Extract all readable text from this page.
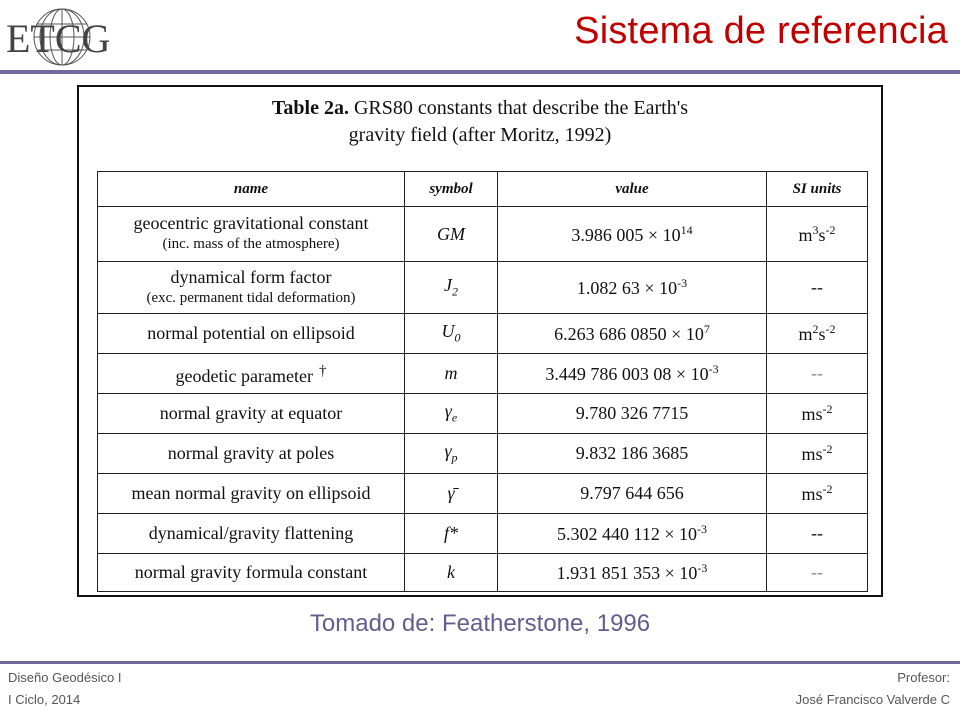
ETCG	Sistema de referencia
Table 2a. GRS80 constants that describe the Earth's
gravity field (after Moritz, 1992)
name	symbol	value	SI units

geocentric gravitational constant
(inc. mass of the atmosphere)	GM	3.986 $005 \times 10^{14}$	$m^3s^{-2}$

dynamical form factor
(exc. permanent tidal deformation)	$J_2$	1.082 $63 \times 10^{-3}$	--
normal potential on ellipsoid	$U_0$	6.263 686 $0850 \times 10^7$	$m^2s^{-2}$
geodetic parameter †	m	3.449 786 003 $08 \times 10^{-3}$	--
normal gravity at equator	$\gamma_e$	9.780 326 7715	$ms^{-2}$
normal gravity at poles	$\gamma_p$	9.832 186 3685	$ms^{-2}$
mean normal gravity on ellipsoid	γ̄	9.797 644 656	$ms^{-2}$
dynamical/gravity flattening	f*	5.302 440 $112 \times 10^{-3}$	--
normal gravity formula constant	k	1.931 851 $353 \times 10^{-3}$	--
Tomado de: Featherstone, 1996
Diseño Geodésico I
I Ciclo, 2014
Profesor:
José Francisco Valverde C
